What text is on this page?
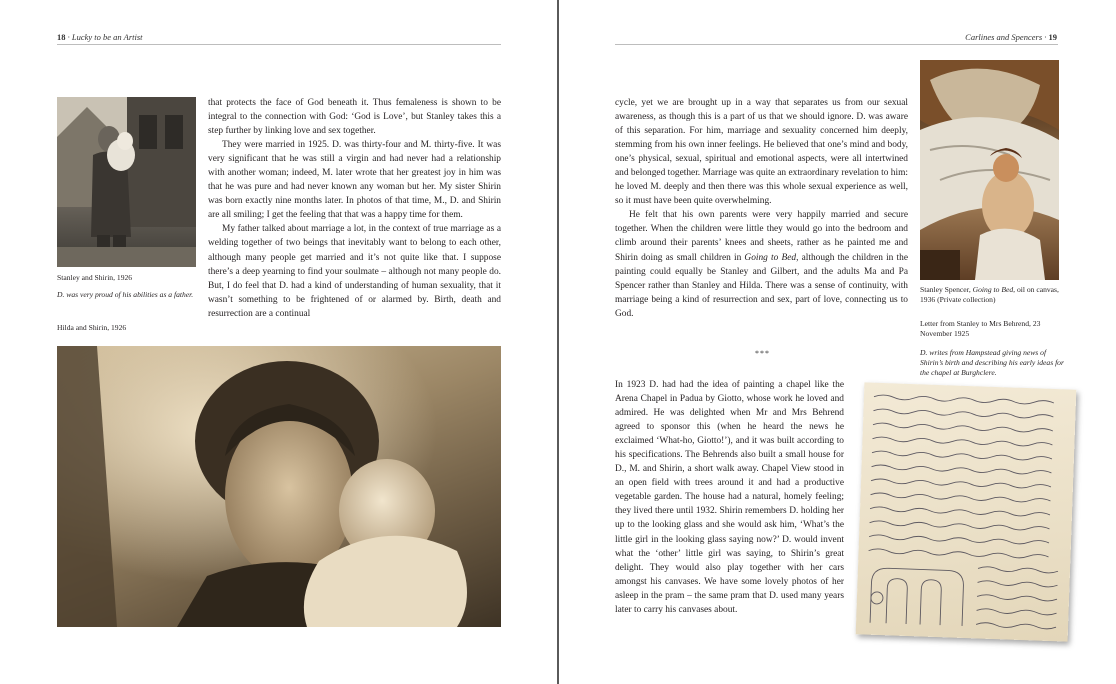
18 · Lucky to be an Artist
Stanley and Shirin, 1926
D. was very proud of his abilities as a father.
Hilda and Shirin, 1926

that protects the face of God beneath it. Thus femaleness is shown to be integral to the connection with God: ‘God is Love’, but Stanley takes this a step further by linking love and sex together.

They were married in 1925. D. was thirty-four and M. thirty-five. It was very significant that he was still a virgin and had never had a relationship with another woman; indeed, M. later wrote that her greatest joy in him was that he was pure and had never known any woman but her. My sister Shirin was born exactly nine months later. In photos of that time, M., D. and Shirin are all smiling; I get the feeling that that was a happy time for them.

My father talked about marriage a lot, in the context of true marriage as a welding together of two beings that inevitably want to belong to each other, although many people get married and it’s not quite like that. I suppose there’s a deep yearning to find your soulmate – although not many people do. But, I do feel that D. had a kind of understanding of human sexuality, that it wasn’t something to be frightened of or alarmed by. Birth, death and resurrection are a continual

Carlines and Spencers · 19

cycle, yet we are brought up in a way that separates us from our sexual awareness, as though this is a part of us that we should ignore. D. was aware of this separation. For him, marriage and sexuality concerned him deeply, stemming from his own inner feelings. He believed that one’s mind and body, one’s physical, sexual, spiritual and emotional aspects, were all intertwined and belonged together. Marriage was quite an extraordinary revelation to him: he loved M. deeply and then there was this whole sexual experience as well, so it must have been quite overwhelming.

He felt that his own parents were very happily married and secure together. When the children were little they would go into the bedroom and climb around their parents’ knees and sheets, rather as he painted me and Shirin doing as small children in Going to Bed, although the children in the painting could equally be Stanley and Gilbert, and the adults Ma and Pa Spencer rather than Stanley and Hilda. There was a sense of continuity, with marriage being a kind of resurrection and sex, part of love, connecting us to God.

***

In 1923 D. had had the idea of painting a chapel like the Arena Chapel in Padua by Giotto, whose work he loved and admired. He was delighted when Mr and Mrs Behrend agreed to sponsor this (when he heard the news he exclaimed ‘What-ho, Giotto!’), and it was built according to his specifications. The Behrends also built a small house for D., M. and Shirin, a short walk away. Chapel View stood in an open field with trees around it and had a productive vegetable garden. The house had a natural, homely feeling; they lived there until 1932. Shirin remembers D. holding her up to the looking glass and she would ask him, ‘What’s the little girl in the looking glass saying now?’ D. would invent what the ‘other’ little girl was saying, to Shirin’s great delight. They would also play together with her cars amongst his canvases. We have some lovely photos of her asleep in the pram – the same pram that D. used many years later to carry his canvases about.

Stanley Spencer, Going to Bed, oil on canvas, 1936 (Private collection)
Letter from Stanley to Mrs Behrend, 23 November 1925
D. writes from Hampstead giving news of Shirin’s birth and describing his early ideas for the chapel at Burghclere.
